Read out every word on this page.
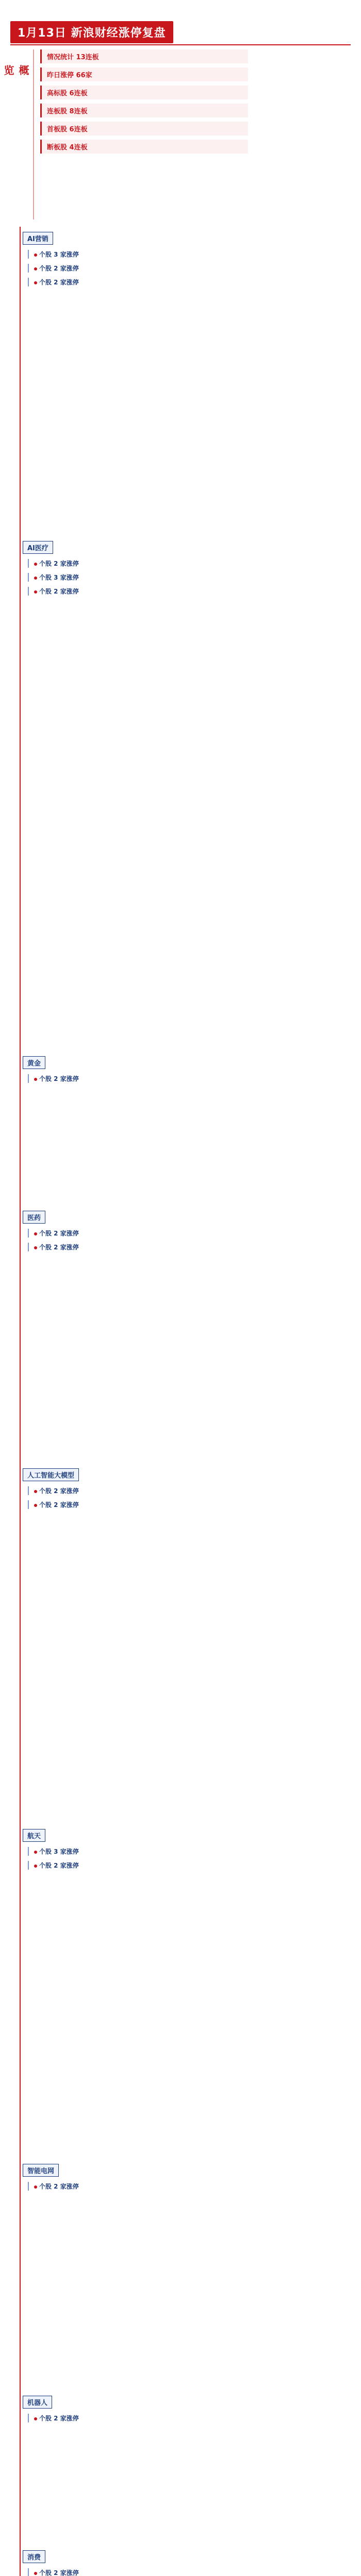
1月13日 新浪财经涨停复盘
概览
情况统计 13连板
昨日涨停 66家
高标股 6连板
连板股 8连板
首板股 6连板
断板股 4连板
AI营销
个股 3 家涨停
个股 2 家涨停
个股 2 家涨停
AI医疗
个股 2 家涨停
个股 3 家涨停
个股 2 家涨停
黄金
个股 2 家涨停
医药
个股 2 家涨停
个股 2 家涨停
人工智能大模型
个股 2 家涨停
个股 2 家涨停
航天
个股 3 家涨停
个股 2 家涨停
智能电网
个股 2 家涨停
机器人
个股 2 家涨停
消费
个股 2 家涨停
